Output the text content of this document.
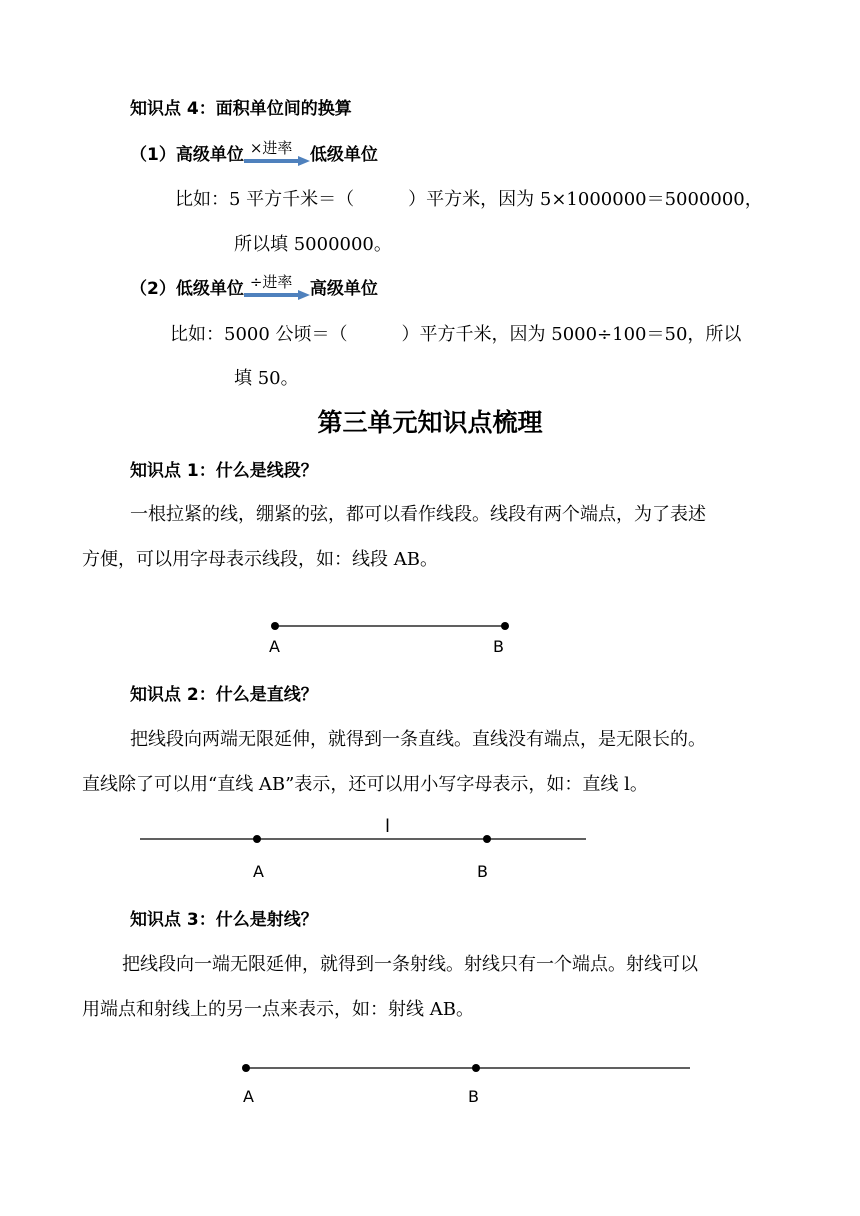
知识点 4：面积单位间的换算
（1）高级单位 ×进率 低级单位
比如：5 平方千米＝（　　　）平方米，因为 5×1000000＝5000000，
所以填 5000000。
（2）低级单位 ÷进率 高级单位
比如：5000 公顷＝（　　　）平方千米，因为 5000÷100＝50，所以
填 50。
第三单元知识点梳理
知识点 1：什么是线段？
一根拉紧的线，绷紧的弦，都可以看作线段。线段有两个端点，为了表述
方便，可以用字母表示线段，如：线段 AB。
A	B
知识点 2：什么是直线？
把线段向两端无限延伸，就得到一条直线。直线没有端点，是无限长的。
直线除了可以用“直线 AB”表示，还可以用小写字母表示，如：直线 l。
l
A	B
知识点 3：什么是射线？
把线段向一端无限延伸，就得到一条射线。射线只有一个端点。射线可以
用端点和射线上的另一点来表示，如：射线 AB。
A	B
